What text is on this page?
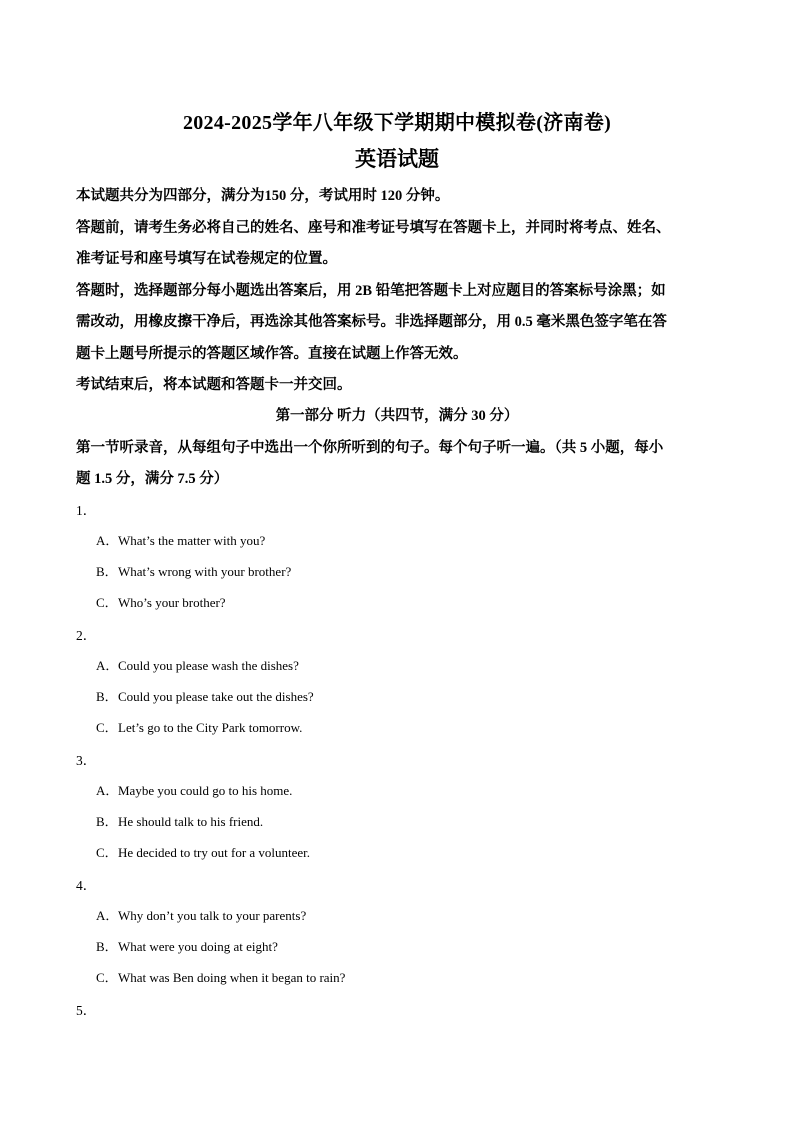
2024-2025学年八年级下学期期中模拟卷(济南卷)
英语试题
本试题共分为四部分，满分为150 分，考试用时 120 分钟。
答题前，请考生务必将自己的姓名、座号和准考证号填写在答题卡上，并同时将考点、姓名、
准考证号和座号填写在试卷规定的位置。
答题时，选择题部分每小题选出答案后，用 2B 铅笔把答题卡上对应题目的答案标号涂黑；如
需改动，用橡皮擦干净后，再选涂其他答案标号。非选择题部分，用 0.5 毫米黑色签字笔在答
题卡上题号所提示的答题区域作答。直接在试题上作答无效。
考试结束后，将本试题和答题卡一并交回。
第一部分 听力（共四节，满分 30 分）
第一节听录音，从每组句子中选出一个你所听到的句子。每个句子听一遍。（共 5 小题，每小
题 1.5 分，满分 7.5 分）
1．
A．What’s the matter with you?
B．What’s wrong with your brother?
C．Who’s your brother?
2．
A．Could you please wash the dishes?
B．Could you please take out the dishes?
C．Let’s go to the City Park tomorrow.
3．
A．Maybe you could go to his home.
B．He should talk to his friend.
C．He decided to try out for a volunteer.
4．
A．Why don’t you talk to your parents?
B．What were you doing at eight?
C．What was Ben doing when it began to rain?
5．
